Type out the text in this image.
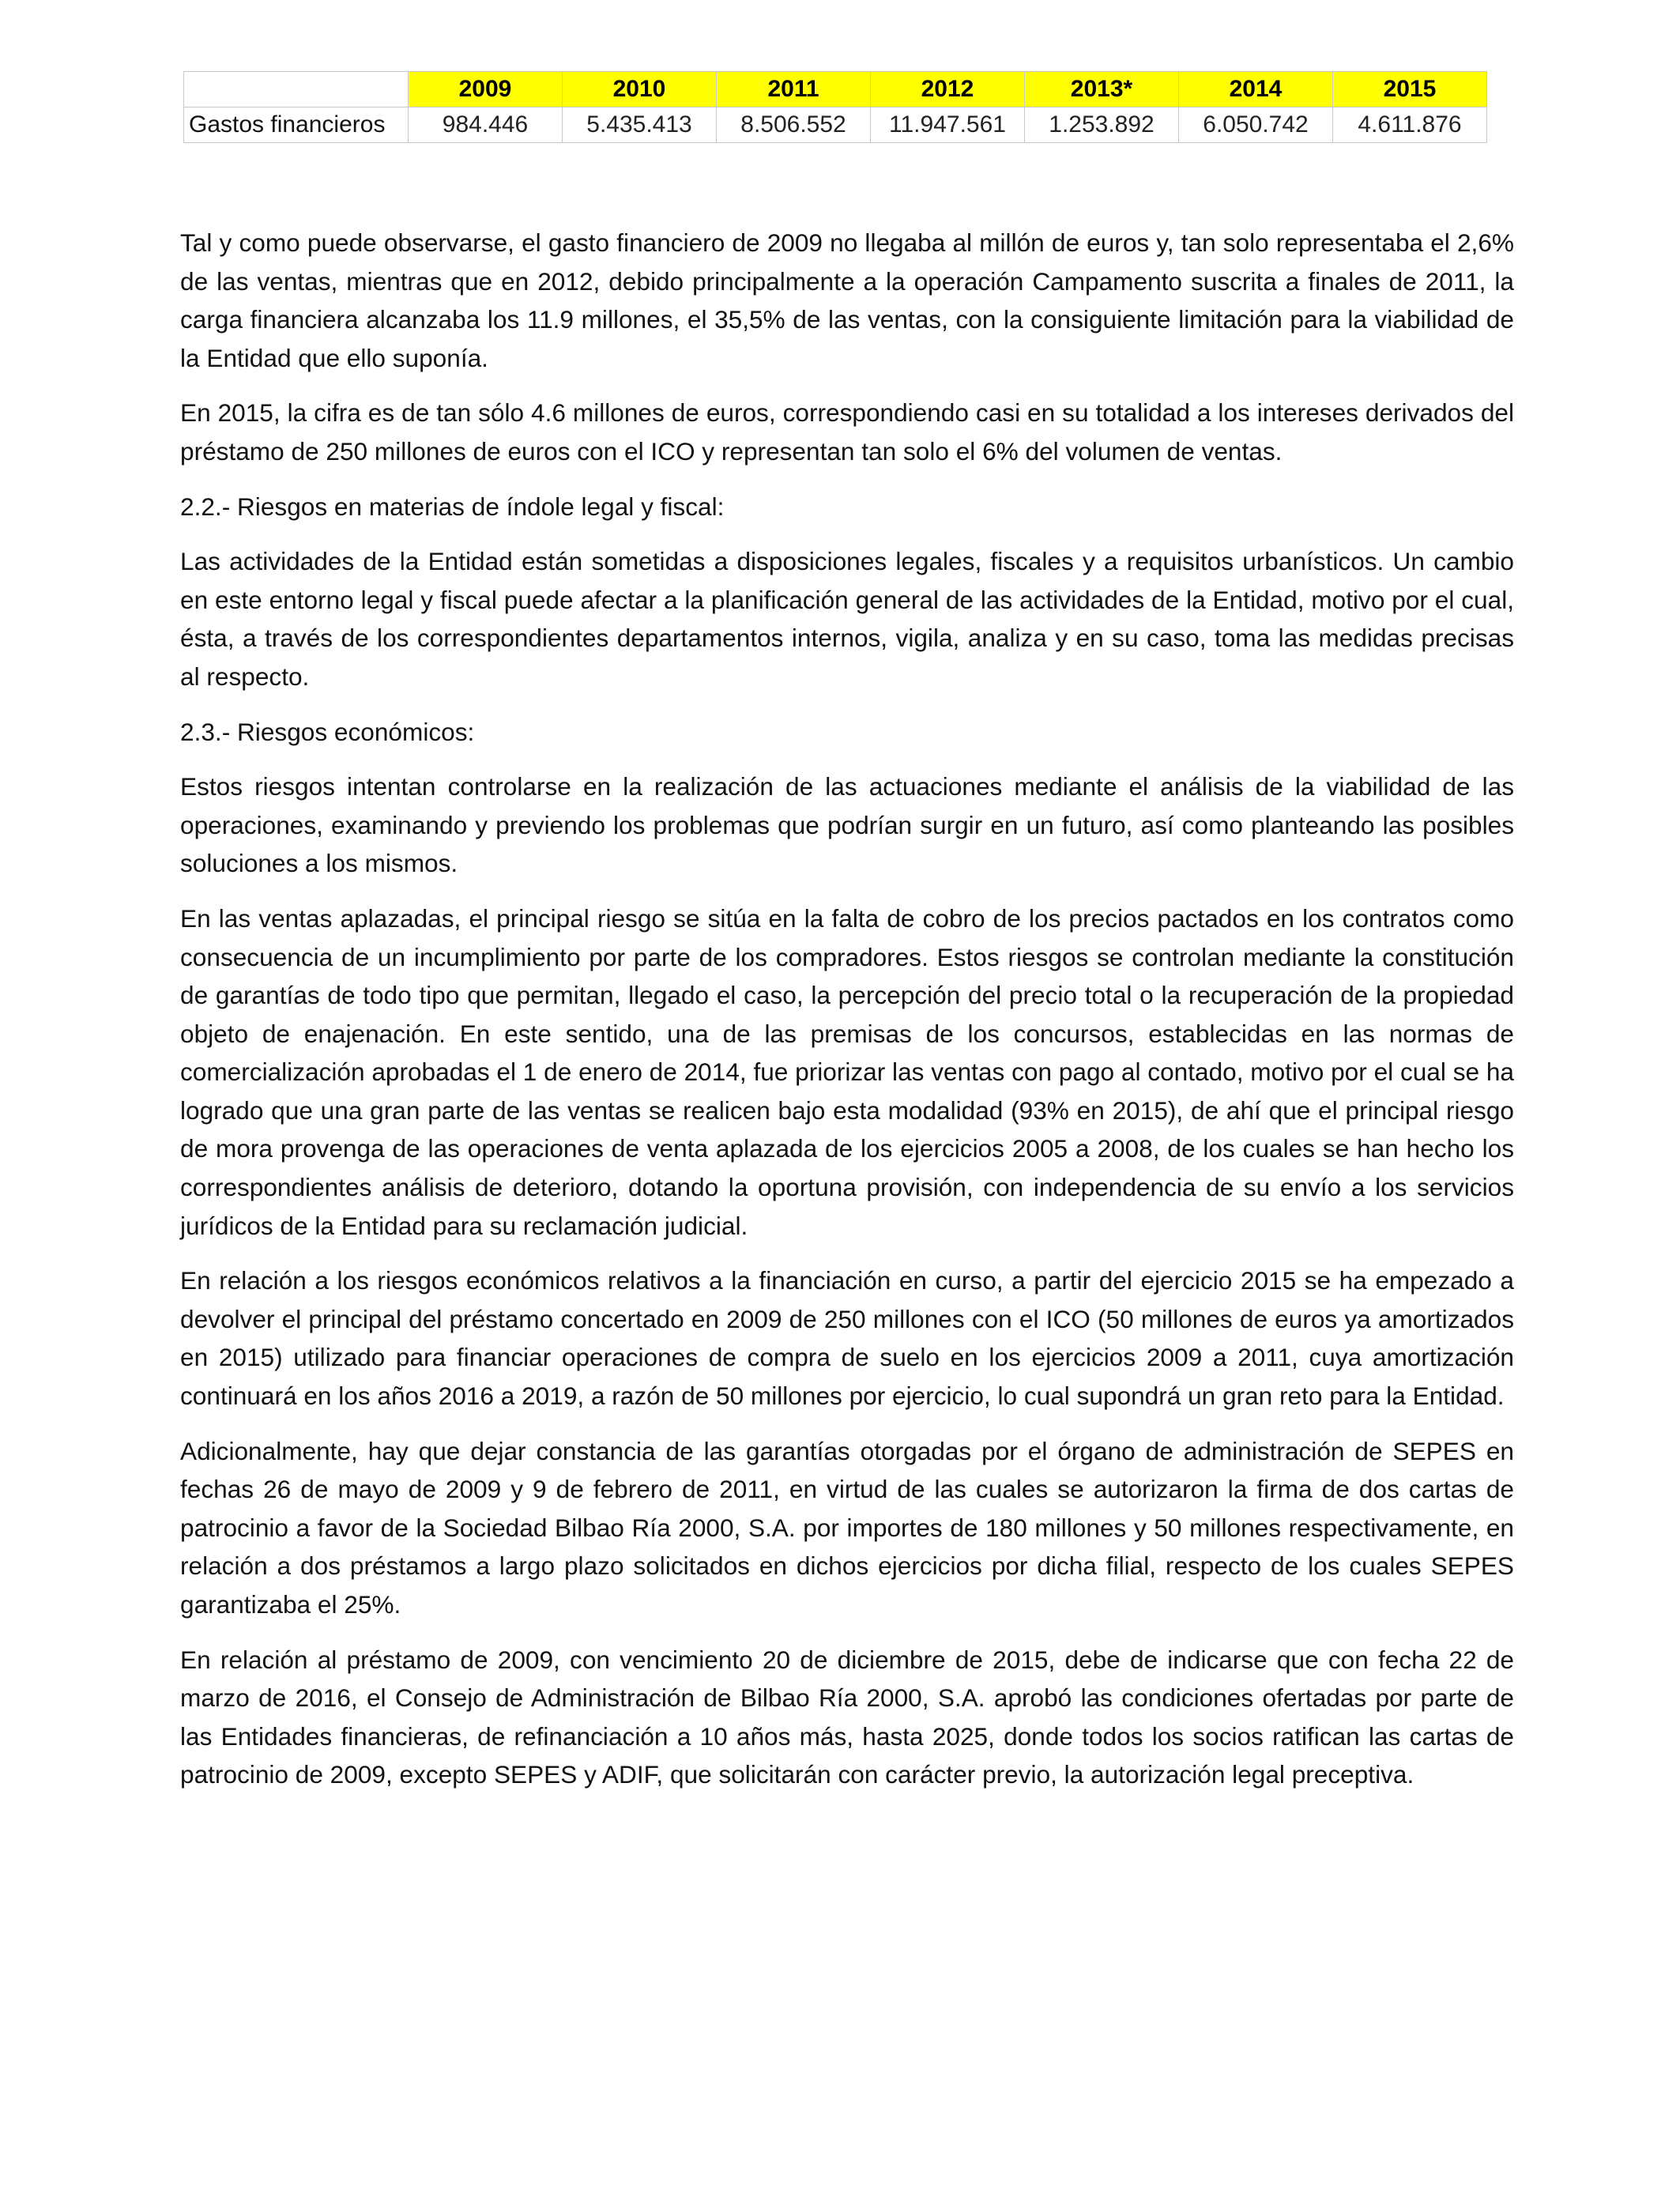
	2009	2010	2011	2012	2013*	2014	2015
Gastos financieros	984.446	5.435.413	8.506.552	11.947.561	1.253.892	6.050.742	4.611.876

Tal y como puede observarse, el gasto financiero de 2009 no llegaba al millón de euros y, tan solo representaba el 2,6% de las ventas, mientras que en 2012, debido principalmente a la operación Campamento suscrita a finales de 2011, la carga financiera alcanzaba los 11.9 millones, el 35,5% de las ventas, con la consiguiente limitación para la viabilidad de la Entidad que ello suponía.

En 2015, la cifra es de tan sólo 4.6 millones de euros, correspondiendo casi en su totalidad a los intereses derivados del préstamo de 250 millones de euros con el ICO y representan tan solo el 6% del volumen de ventas.

2.2.- Riesgos en materias de índole legal y fiscal:

Las actividades de la Entidad están sometidas a disposiciones legales, fiscales y a requisitos urbanísticos. Un cambio en este entorno legal y fiscal puede afectar a la planificación general de las actividades de la Entidad, motivo por el cual, ésta, a través de los correspondientes departamentos internos, vigila, analiza y en su caso, toma las medidas precisas al respecto.

2.3.- Riesgos económicos:

Estos riesgos intentan controlarse en la realización de las actuaciones mediante el análisis de la viabilidad de las operaciones, examinando y previendo los problemas que podrían surgir en un futuro, así como planteando las posibles soluciones a los mismos.

En las ventas aplazadas, el principal riesgo se sitúa en la falta de cobro de los precios pactados en los contratos como consecuencia de un incumplimiento por parte de los compradores. Estos riesgos se controlan mediante la constitución de garantías de todo tipo que permitan, llegado el caso, la percepción del precio total o la recuperación de la propiedad objeto de enajenación. En este sentido, una de las premisas de los concursos, establecidas en las normas de comercialización aprobadas el 1 de enero de 2014, fue priorizar las ventas con pago al contado, motivo por el cual se ha logrado que una gran parte de las ventas se realicen bajo esta modalidad (93% en 2015), de ahí que el principal riesgo de mora provenga de las operaciones de venta aplazada de los ejercicios 2005 a 2008, de los cuales se han hecho los correspondientes análisis de deterioro, dotando la oportuna provisión, con independencia de su envío a los servicios jurídicos de la Entidad para su reclamación judicial.

En relación a los riesgos económicos relativos a la financiación en curso, a partir del ejercicio 2015 se ha empezado a devolver el principal del préstamo concertado en 2009 de 250 millones con el ICO (50 millones de euros ya amortizados en 2015) utilizado para financiar operaciones de compra de suelo en los ejercicios 2009 a 2011, cuya amortización continuará en los años 2016 a 2019, a razón de 50 millones por ejercicio, lo cual supondrá un gran reto para la Entidad.

Adicionalmente, hay que dejar constancia de las garantías otorgadas por el órgano de administración de SEPES en fechas 26 de mayo de 2009 y 9 de febrero de 2011, en virtud de las cuales se autorizaron la firma de dos cartas de patrocinio a favor de la Sociedad Bilbao Ría 2000, S.A. por importes de 180 millones y 50 millones respectivamente, en relación a dos préstamos a largo plazo solicitados en dichos ejercicios por dicha filial, respecto de los cuales SEPES garantizaba el 25%.

En relación al préstamo de 2009, con vencimiento 20 de diciembre de 2015, debe de indicarse que con fecha 22 de marzo de 2016, el Consejo de Administración de Bilbao Ría 2000, S.A. aprobó las condiciones ofertadas por parte de las Entidades financieras, de refinanciación a 10 años más, hasta 2025, donde todos los socios ratifican las cartas de patrocinio de 2009, excepto SEPES y ADIF, que solicitarán con carácter previo, la autorización legal preceptiva.
